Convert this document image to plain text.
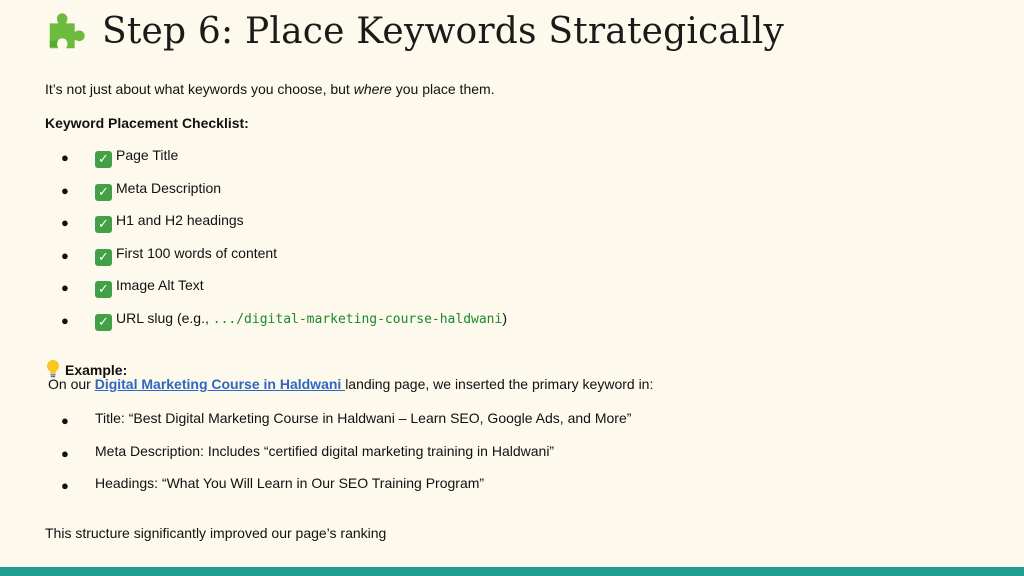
Step 6: Place Keywords Strategically
It’s not just about what keywords you choose, but where you place them.
Keyword Placement Checklist:
● ✓ Page Title
● ✓ Meta Description
● ✓ H1 and H2 headings
● ✓ First 100 words of content
● ✓ Image Alt Text
● ✓ URL slug (e.g., .../digital-marketing-course-haldwani)
Example:
On our Digital Marketing Course in Haldwani landing page, we inserted the primary keyword in:
● Title: “Best Digital Marketing Course in Haldwani – Learn SEO, Google Ads, and More”
● Meta Description: Includes “certified digital marketing training in Haldwani”
● Headings: “What You Will Learn in Our SEO Training Program”
This structure significantly improved our page’s ranking
